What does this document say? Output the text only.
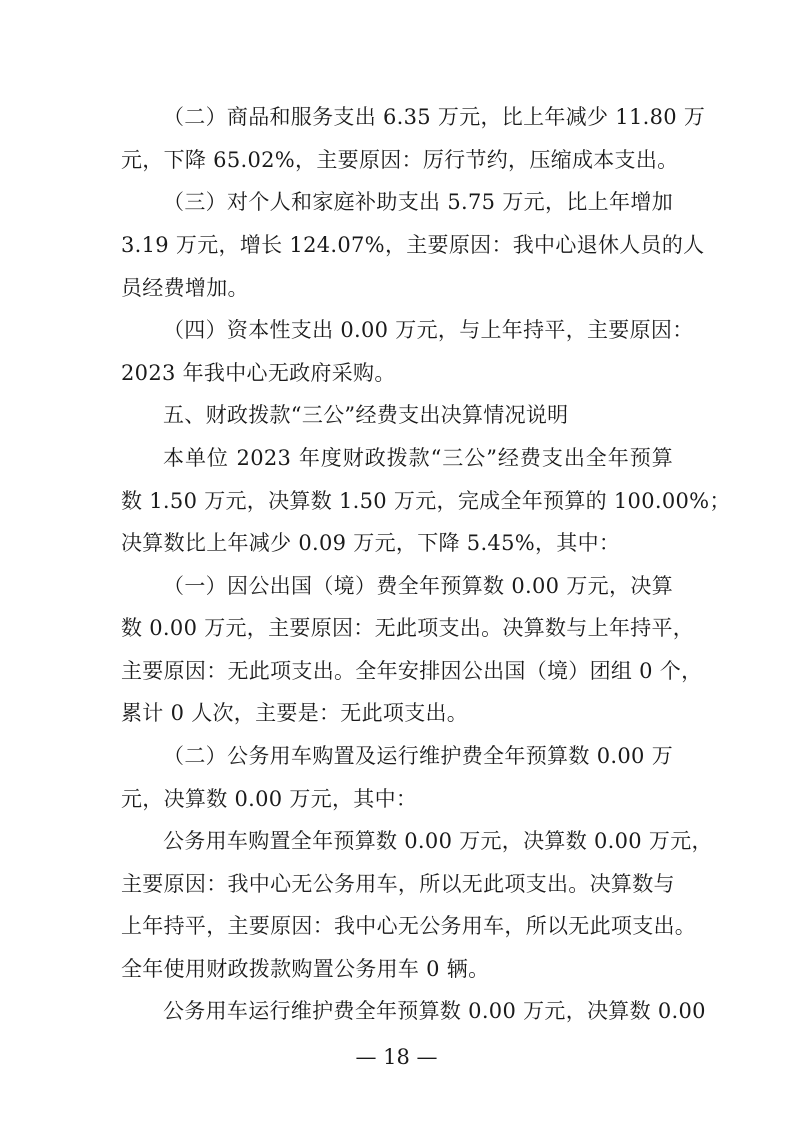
（二）商品和服务支出 6.35 万元，比上年减少 11.80 万
元，下降 65.02%，主要原因：厉行节约，压缩成本支出。
（三）对个人和家庭补助支出 5.75 万元，比上年增加
3.19 万元，增长 124.07%，主要原因：我中心退休人员的人
员经费增加。
（四）资本性支出 0.00 万元，与上年持平，主要原因：
2023 年我中心无政府采购。
五、财政拨款“三公”经费支出决算情况说明
本单位 2023 年度财政拨款“三公”经费支出全年预算
数 1.50 万元，决算数 1.50 万元，完成全年预算的 100.00%；
决算数比上年减少 0.09 万元，下降 5.45%，其中：
（一）因公出国（境）费全年预算数 0.00 万元，决算
数 0.00 万元，主要原因：无此项支出。决算数与上年持平，
主要原因：无此项支出。全年安排因公出国（境）团组 0 个，
累计 0 人次，主要是：无此项支出。
（二）公务用车购置及运行维护费全年预算数 0.00 万
元，决算数 0.00 万元，其中：
公务用车购置全年预算数 0.00 万元，决算数 0.00 万元，
主要原因：我中心无公务用车，所以无此项支出。决算数与
上年持平，主要原因：我中心无公务用车，所以无此项支出。
全年使用财政拨款购置公务用车 0 辆。
公务用车运行维护费全年预算数 0.00 万元，决算数 0.00
— 18 —
